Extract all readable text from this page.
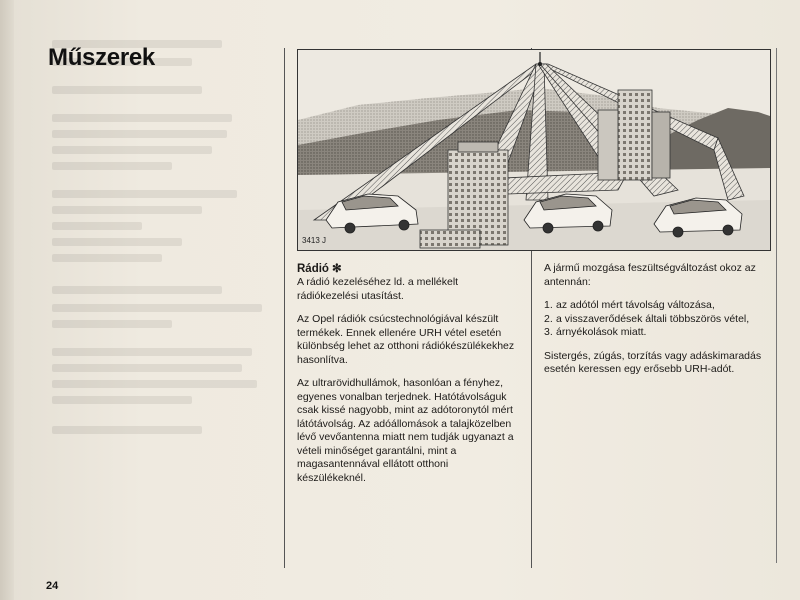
Műszerek
3413 J
Rádió ✻

A rádió kezeléséhez ld. a mellékelt rádiókezelési utasítást.

Az Opel rádiók csúcstechnológiával készült termékek. Ennek ellenére URH vétel esetén különbség lehet az otthoni rádiókészülékekhez hasonlítva.

Az ultrarövidhullámok, hasonlóan a fényhez, egyenes vonalban terjednek. Hatótávolságuk csak kissé nagyobb, mint az adótoronytól mért látótávolság. Az adóállomások a talajközelben lévő vevőantenna miatt nem tudják ugyanazt a vételi minőséget garantálni, mint a magasantennával ellátott otthoni készülékeknél.

A jármű mozgása feszültségváltozást okoz az antennán:

1. az adótól mért távolság változása,
2. a visszaverődések általi többszörös vétel,
3. árnyékolások miatt.

Sistergés, zúgás, torzítás vagy adáskimaradás esetén keressen egy erősebb URH-adót.

24
